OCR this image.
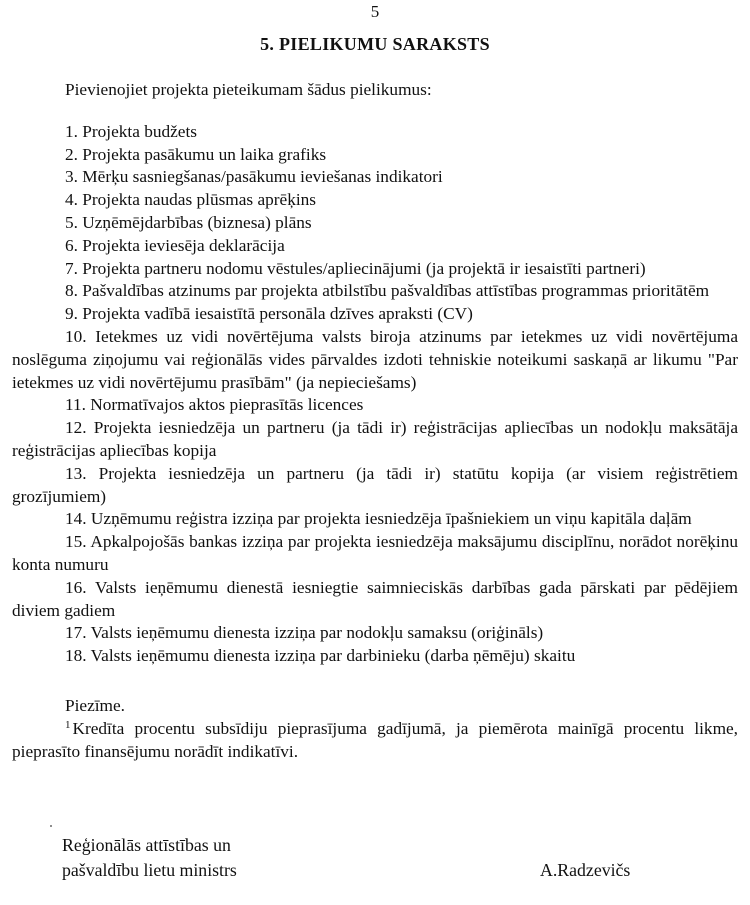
5
5. PIELIKUMU SARAKSTS

Pievienojiet projekta pieteikumam šādus pielikumus:

1. Projekta budžets

2. Projekta pasākumu un laika grafiks

3. Mērķu sasniegšanas/pasākumu ieviešanas indikatori

4. Projekta naudas plūsmas aprēķins

5. Uzņēmējdarbības (biznesa) plāns

6. Projekta ieviesēja deklarācija

7. Projekta partneru nodomu vēstules/apliecinājumi (ja projektā ir iesaistīti partneri)

8. Pašvaldības atzinums par projekta atbilstību pašvaldības attīstības programmas prioritātēm

9. Projekta vadībā iesaistītā personāla dzīves apraksti (CV)

10. Ietekmes uz vidi novērtējuma valsts biroja atzinums par ietekmes uz vidi novērtējuma noslēguma ziņojumu vai reģionālās vides pārvaldes izdoti tehniskie noteikumi saskaņā ar likumu "Par ietekmes uz vidi novērtējumu prasībām" (ja nepieciešams)

11. Normatīvajos aktos pieprasītās licences

12. Projekta iesniedzēja un partneru (ja tādi ir) reģistrācijas apliecības un nodokļu maksātāja reģistrācijas apliecības kopija

13. Projekta iesniedzēja un partneru (ja tādi ir) statūtu kopija (ar visiem reģistrētiem grozījumiem)

14. Uzņēmumu reģistra izziņa par projekta iesniedzēja īpašniekiem un viņu kapitāla daļām

15. Apkalpojošās bankas izziņa par projekta iesniedzēja maksājumu disciplīnu, norādot norēķinu konta numuru

16. Valsts ieņēmumu dienestā iesniegtie saimnieciskās darbības gada pārskati par pēdējiem diviem gadiem

17. Valsts ieņēmumu dienesta izziņa par nodokļu samaksu (oriģināls)

18. Valsts ieņēmumu dienesta izziņa par darbinieku (darba ņēmēju) skaitu

Piezīme.

$^1$ Kredīta procentu subsīdiju pieprasījuma gadījumā, ja piemērota mainīgā procentu likme, pieprasīto finansējumu norādīt indikatīvi.

Reģionālās attīstības un
pašvaldību lietu ministrs	A.Radzevičs
